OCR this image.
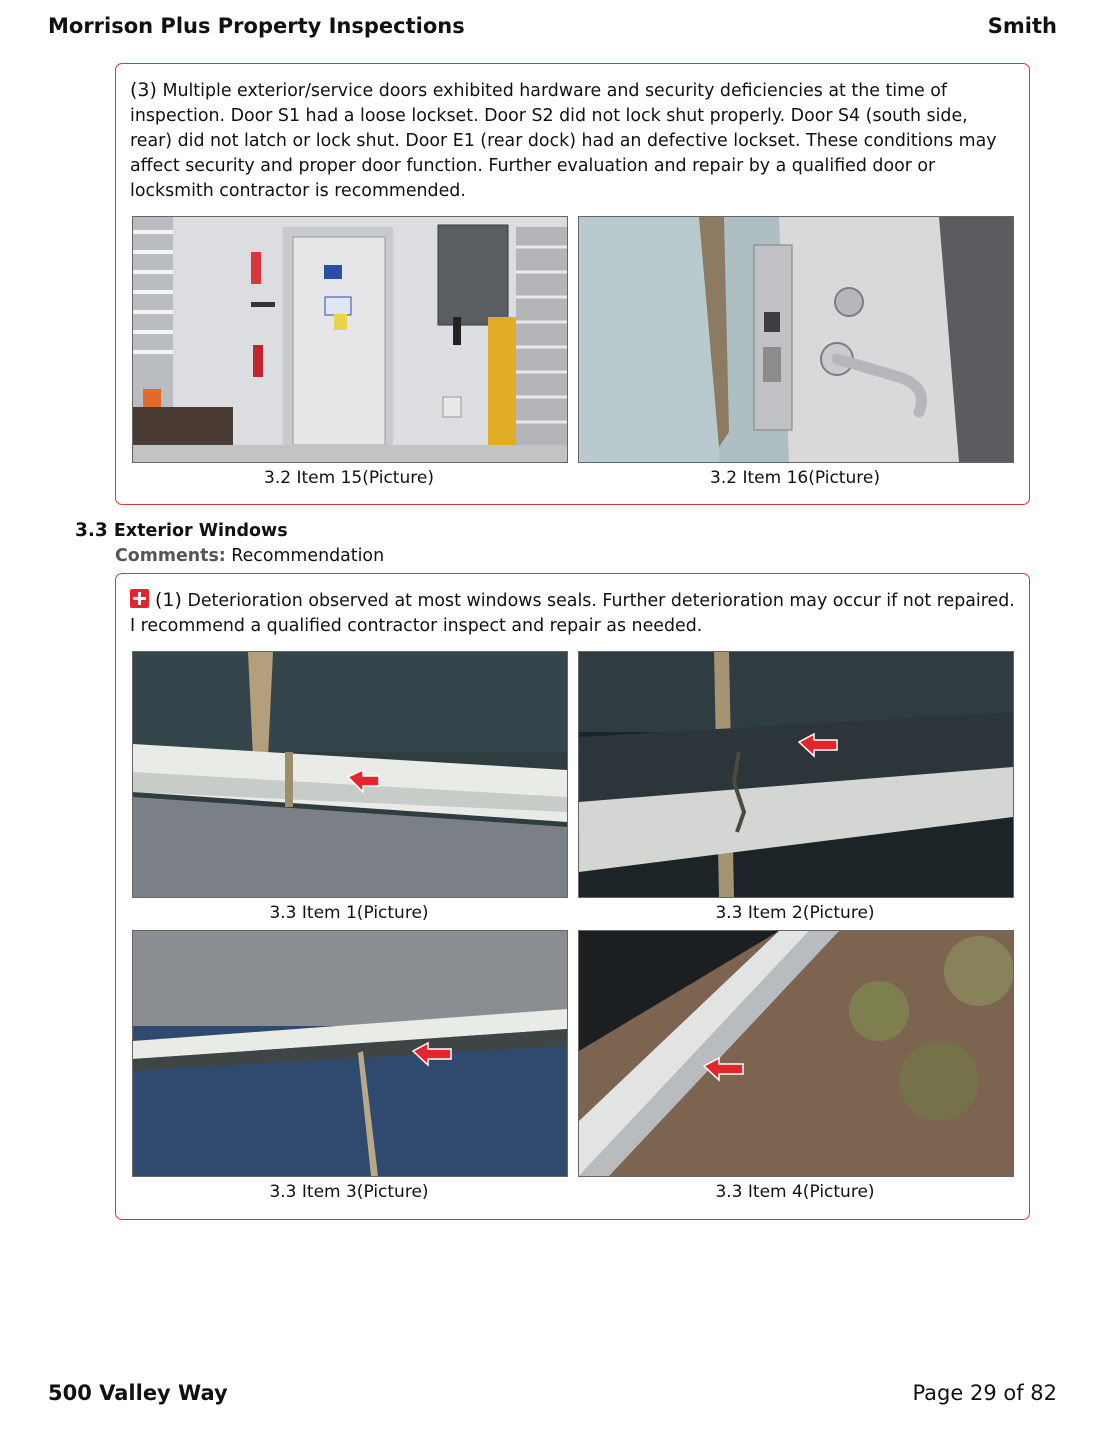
Morrison Plus Property Inspections	Smith
(3) Multiple exterior/service doors exhibited hardware and security deficiencies at the time of inspection. Door S1 had a loose lockset. Door S2 did not lock shut properly. Door S4 (south side, rear) did not latch or lock shut. Door E1 (rear dock) had an defective lockset. These conditions may affect security and proper door function. Further evaluation and repair by a qualified door or locksmith contractor is recommended.
3.2 Item 15(Picture)	3.2 Item 16(Picture)
3.3 Exterior Windows
Comments: Recommendation
(1) Deterioration observed at most windows seals. Further deterioration may occur if not repaired. I recommend a qualified contractor inspect and repair as needed.
3.3 Item 1(Picture)	3.3 Item 2(Picture)
3.3 Item 3(Picture)	3.3 Item 4(Picture)
500 Valley Way	Page 29 of 82
